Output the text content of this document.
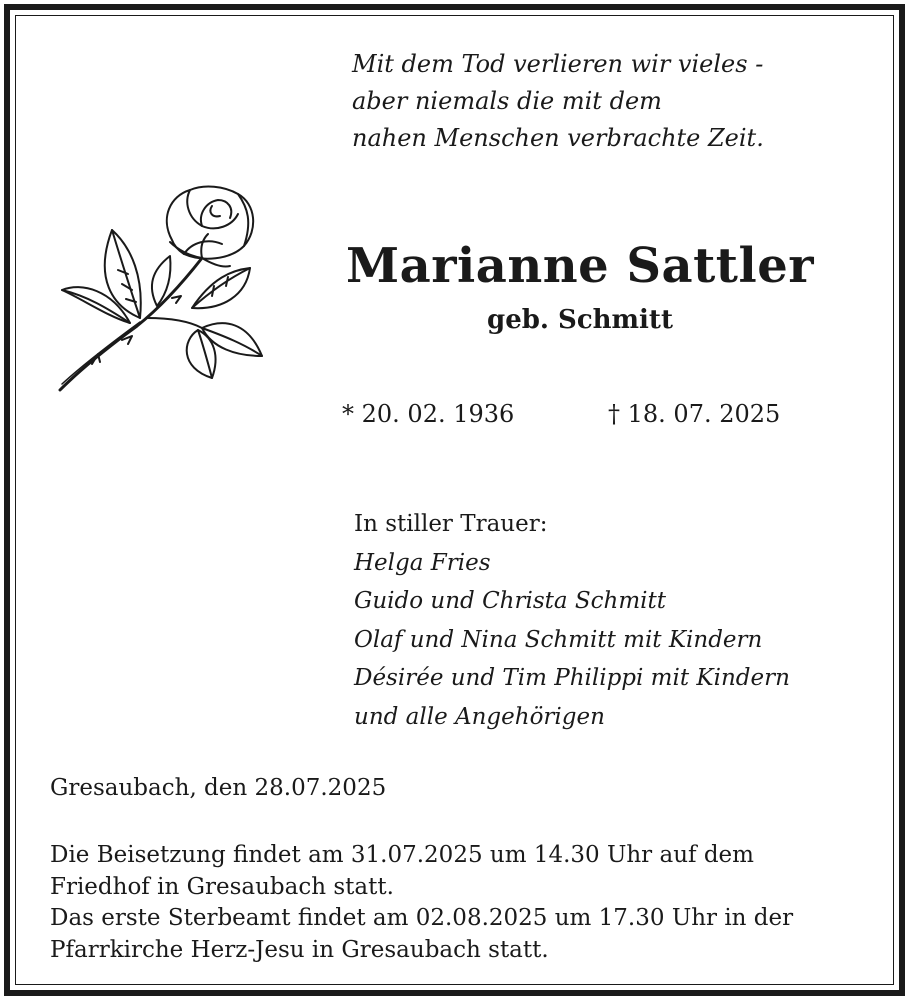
Mit dem Tod verlieren wir vieles -
aber niemals die mit dem
nahen Menschen verbrachte Zeit.
Marianne Sattler
geb. Schmitt
* 20. 02. 1936	† 18. 07. 2025
In stiller Trauer:
Helga Fries
Guido und Christa Schmitt
Olaf und Nina Schmitt mit Kindern
Désirée und Tim Philippi mit Kindern
und alle Angehörigen
Gresaubach, den 28.07.2025
Die Beisetzung findet am 31.07.2025 um 14.30 Uhr auf dem
Friedhof in Gresaubach statt.
Das erste Sterbeamt findet am 02.08.2025 um 17.30 Uhr in der
Pfarrkirche Herz-Jesu in Gresaubach statt.
